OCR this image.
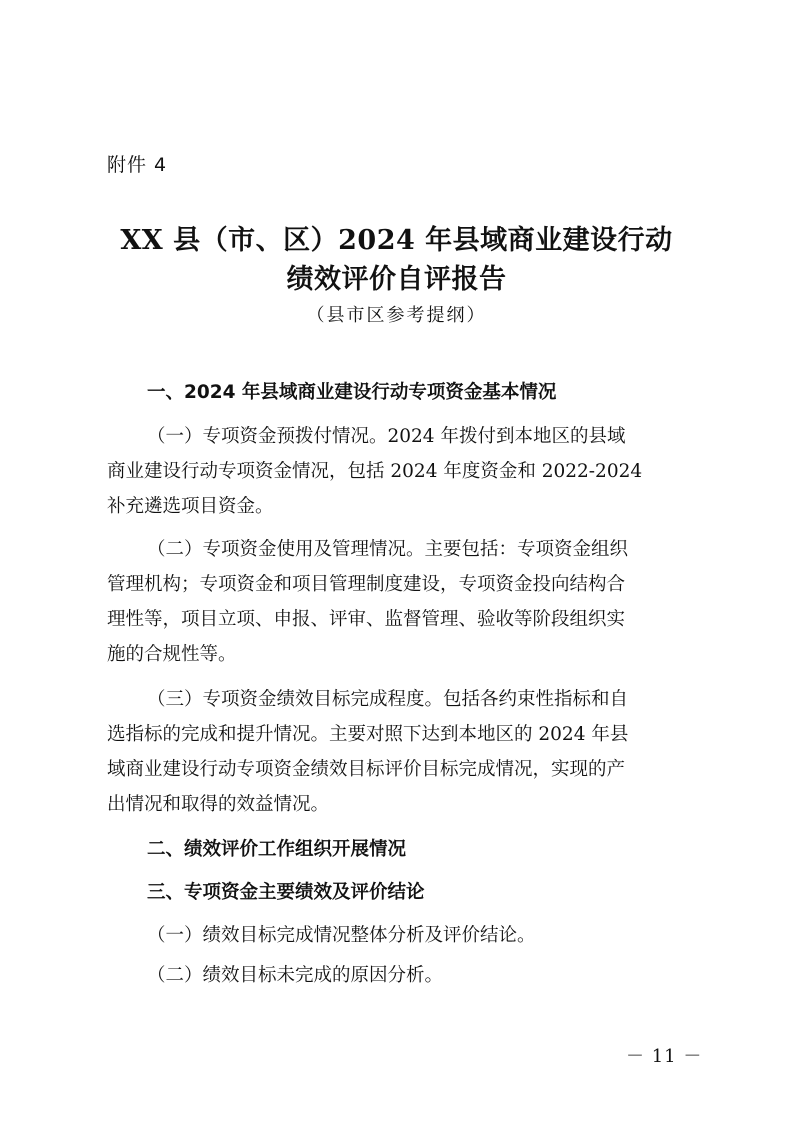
附件 4
XX 县（市、区）2024 年县域商业建设行动
绩效评价自评报告
（县市区参考提纲）
一、2024 年县域商业建设行动专项资金基本情况
（一）专项资金预拨付情况。2024 年拨付到本地区的县域
商业建设行动专项资金情况，包括 2024 年度资金和 2022-2024
补充遴选项目资金。
（二）专项资金使用及管理情况。主要包括：专项资金组织
管理机构；专项资金和项目管理制度建设，专项资金投向结构合
理性等，项目立项、申报、评审、监督管理、验收等阶段组织实
施的合规性等。
（三）专项资金绩效目标完成程度。包括各约束性指标和自
选指标的完成和提升情况。主要对照下达到本地区的 2024 年县
域商业建设行动专项资金绩效目标评价目标完成情况，实现的产
出情况和取得的效益情况。
二、绩效评价工作组织开展情况
三、专项资金主要绩效及评价结论
（一）绩效目标完成情况整体分析及评价结论。
（二）绩效目标未完成的原因分析。
－ 11 －
